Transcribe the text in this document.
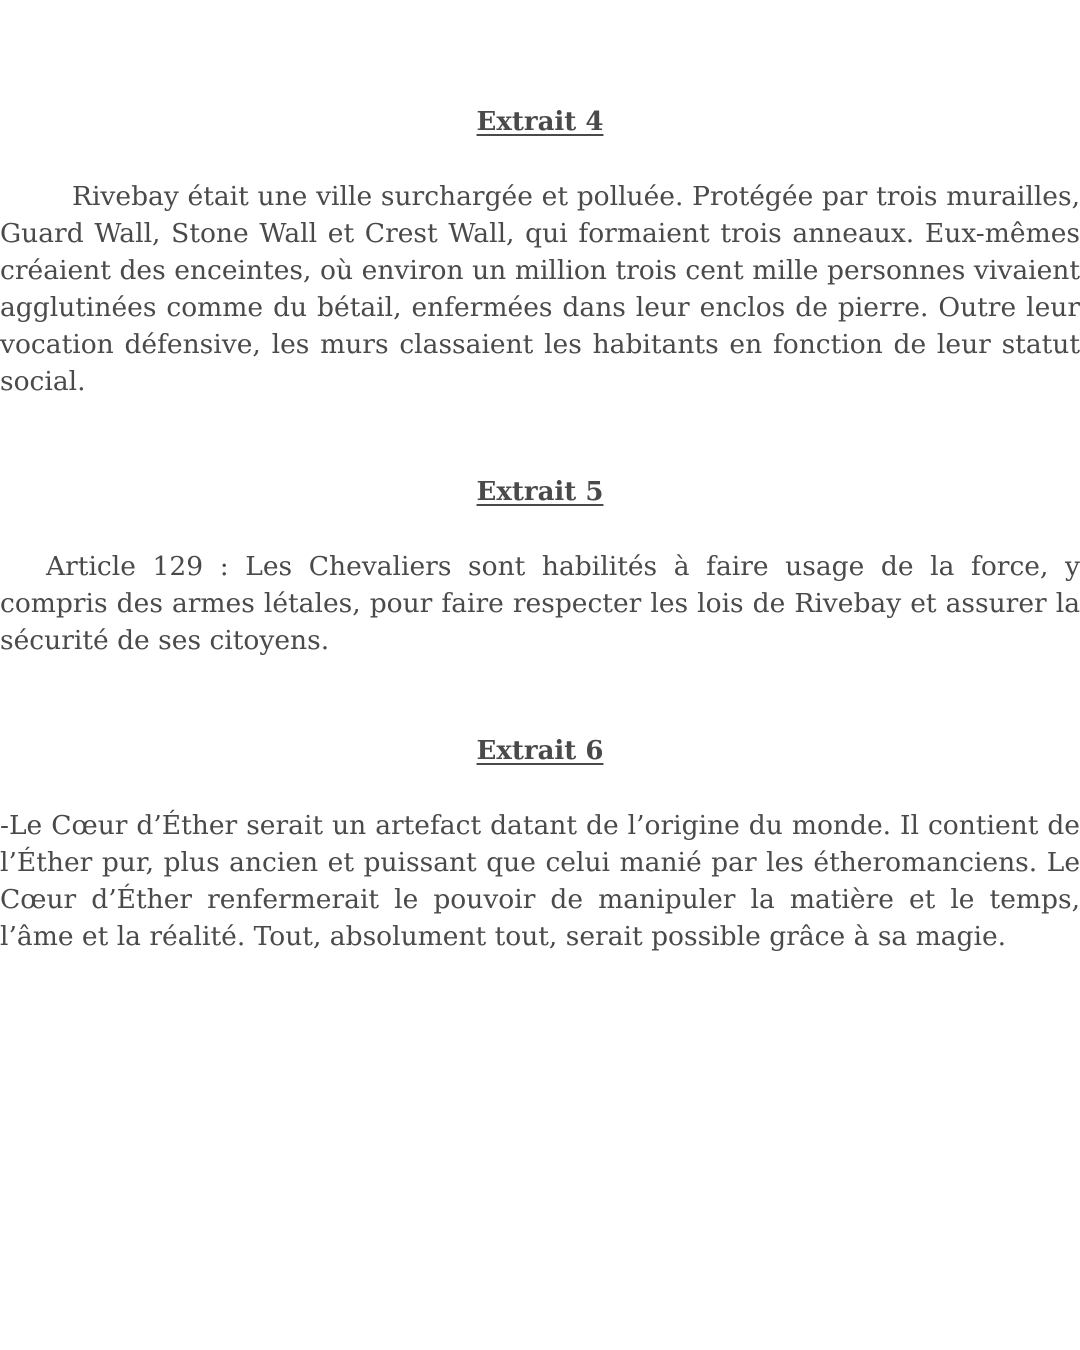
Extrait 4

Rivebay était une ville surchargée et polluée. Protégée par trois murailles, Guard Wall, Stone Wall et Crest Wall, qui formaient trois anneaux. Eux-mêmes créaient des enceintes, où environ un million trois cent mille personnes vivaient agglutinées comme du bétail, enfermées dans leur enclos de pierre. Outre leur vocation défensive, les murs classaient les habitants en fonction de leur statut social.

Extrait 5

Article 129 : Les Chevaliers sont habilités à faire usage de la force, y compris des armes létales, pour faire respecter les lois de Rivebay et assurer la sécurité de ses citoyens.

Extrait 6

-Le Cœur d’Éther serait un artefact datant de l’origine du monde. Il contient de l’Éther pur, plus ancien et puissant que celui manié par les étheromanciens. Le Cœur d’Éther renfermerait le pouvoir de manipuler la matière et le temps, l’âme et la réalité. Tout, absolument tout, serait possible grâce à sa magie.
